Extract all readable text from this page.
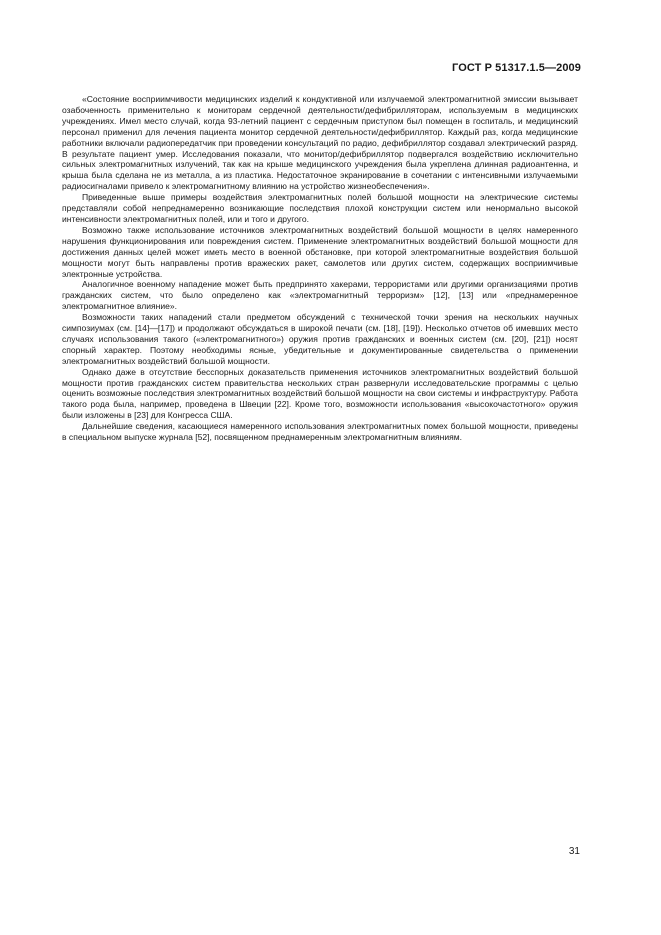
ГОСТ Р 51317.1.5—2009

«Состояние восприимчивости медицинских изделий к кондуктивной или излучаемой электромагнитной эмиссии вызывает озабоченность применительно к мониторам сердечной деятельности/дефибрилляторам, используемым в медицинских учреждениях. Имел место случай, когда 93-летний пациент с сердечным приступом был помещен в госпиталь, и медицинский персонал применил для лечения пациента монитор сердечной деятельности/дефибриллятор. Каждый раз, когда медицинские работники включали радиопередатчик при проведении консультаций по радио, дефибриллятор создавал электрический разряд. В результате пациент умер. Исследования показали, что монитор/дефибриллятор подвергался воздействию исключительно сильных электромагнитных излучений, так как на крыше медицинского учреждения была укреплена длинная радиоантенна, и крыша была сделана не из металла, а из пластика. Недостаточное экранирование в сочетании с интенсивными излучаемыми радиосигналами привело к электромагнитному влиянию на устройство жизнеобеспечения».

Приведенные выше примеры воздействия электромагнитных полей большой мощности на электрические системы представляли собой непреднамеренно возникающие последствия плохой конструкции систем или ненормально высокой интенсивности электромагнитных полей, или и того и другого.

Возможно также использование источников электромагнитных воздействий большой мощности в целях намеренного нарушения функционирования или повреждения систем. Применение электромагнитных воздействий большой мощности для достижения данных целей может иметь место в военной обстановке, при которой электромагнитные воздействия большой мощности могут быть направлены против вражеских ракет, самолетов или других систем, содержащих восприимчивые электронные устройства.

Аналогичное военному нападение может быть предпринято хакерами, террористами или другими организациями против гражданских систем, что было определено как «электромагнитный терроризм» [12], [13] или «преднамеренное электромагнитное влияние».

Возможности таких нападений стали предметом обсуждений с технической точки зрения на нескольких научных симпозиумах (см. [14]—[17]) и продолжают обсуждаться в широкой печати (см. [18], [19]). Несколько отчетов об имевших место случаях использования такого («электромагнитного») оружия против гражданских и военных систем (см. [20], [21]) носят спорный характер. Поэтому необходимы ясные, убедительные и документированные свидетельства о применении электромагнитных воздействий большой мощности.

Однако даже в отсутствие бесспорных доказательств применения источников электромагнитных воздействий большой мощности против гражданских систем правительства нескольких стран развернули исследовательские программы с целью оценить возможные последствия электромагнитных воздействий большой мощности на свои системы и инфраструктуру. Работа такого рода была, например, проведена в Швеции [22]. Кроме того, возможности использования «высокочастотного» оружия были изложены в [23] для Конгресса США.

Дальнейшие сведения, касающиеся намеренного использования электромагнитных помех большой мощности, приведены в специальном выпуске журнала [52], посвященном преднамеренным электромагнитным влияниям.

31
